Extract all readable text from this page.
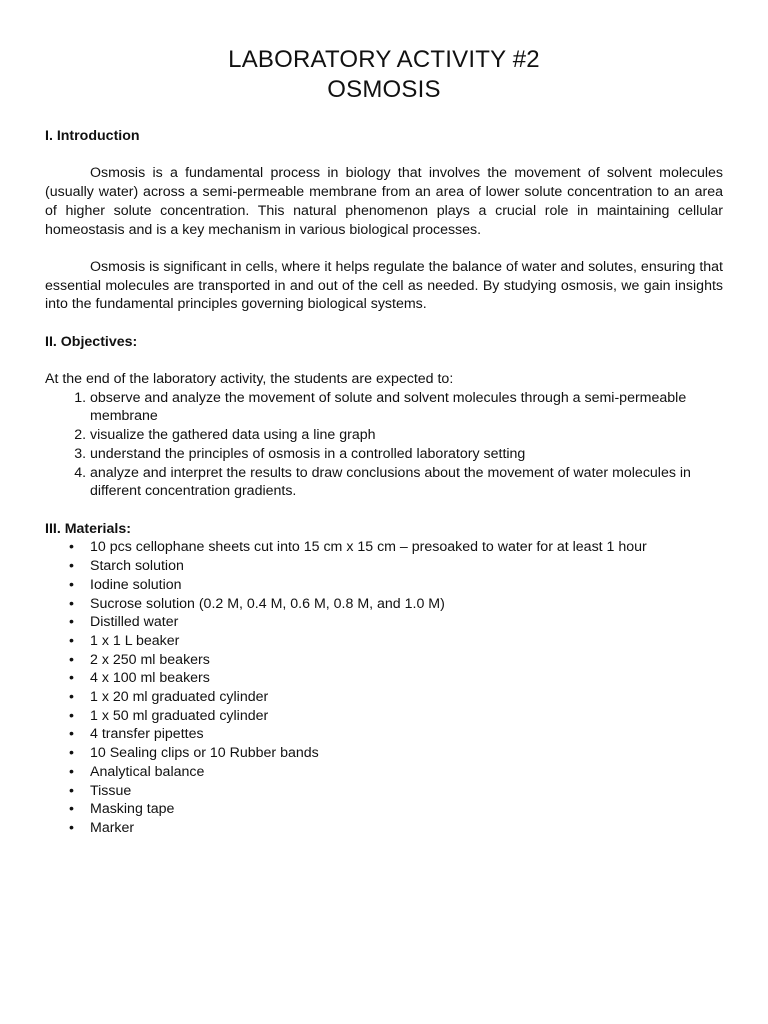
LABORATORY ACTIVITY #2
OSMOSIS

I. Introduction

Osmosis is a fundamental process in biology that involves the movement of solvent molecules (usually water) across a semi-permeable membrane from an area of lower solute concentration to an area of higher solute concentration. This natural phenomenon plays a crucial role in maintaining cellular homeostasis and is a key mechanism in various biological processes.

Osmosis is significant in cells, where it helps regulate the balance of water and solutes, ensuring that essential molecules are transported in and out of the cell as needed. By studying osmosis, we gain insights into the fundamental principles governing biological systems.

II. Objectives:

At the end of the laboratory activity, the students are expected to:

1. observe and analyze the movement of solute and solvent molecules through a semi-permeable membrane
2. visualize the gathered data using a line graph
3. understand the principles of osmosis in a controlled laboratory setting
4. analyze and interpret the results to draw conclusions about the movement of water molecules in different concentration gradients.

III. Materials:

• 10 pcs cellophane sheets cut into 15 cm x 15 cm – presoaked to water for at least 1 hour
• Starch solution
• Iodine solution
• Sucrose solution (0.2 M, 0.4 M, 0.6 M, 0.8 M, and 1.0 M)
• Distilled water
• 1 x 1 L beaker
• 2 x 250 ml beakers
• 4 x 100 ml beakers
• 1 x 20 ml graduated cylinder
• 1 x 50 ml graduated cylinder
• 4 transfer pipettes
• 10 Sealing clips or 10 Rubber bands
• Analytical balance
• Tissue
• Masking tape
• Marker
